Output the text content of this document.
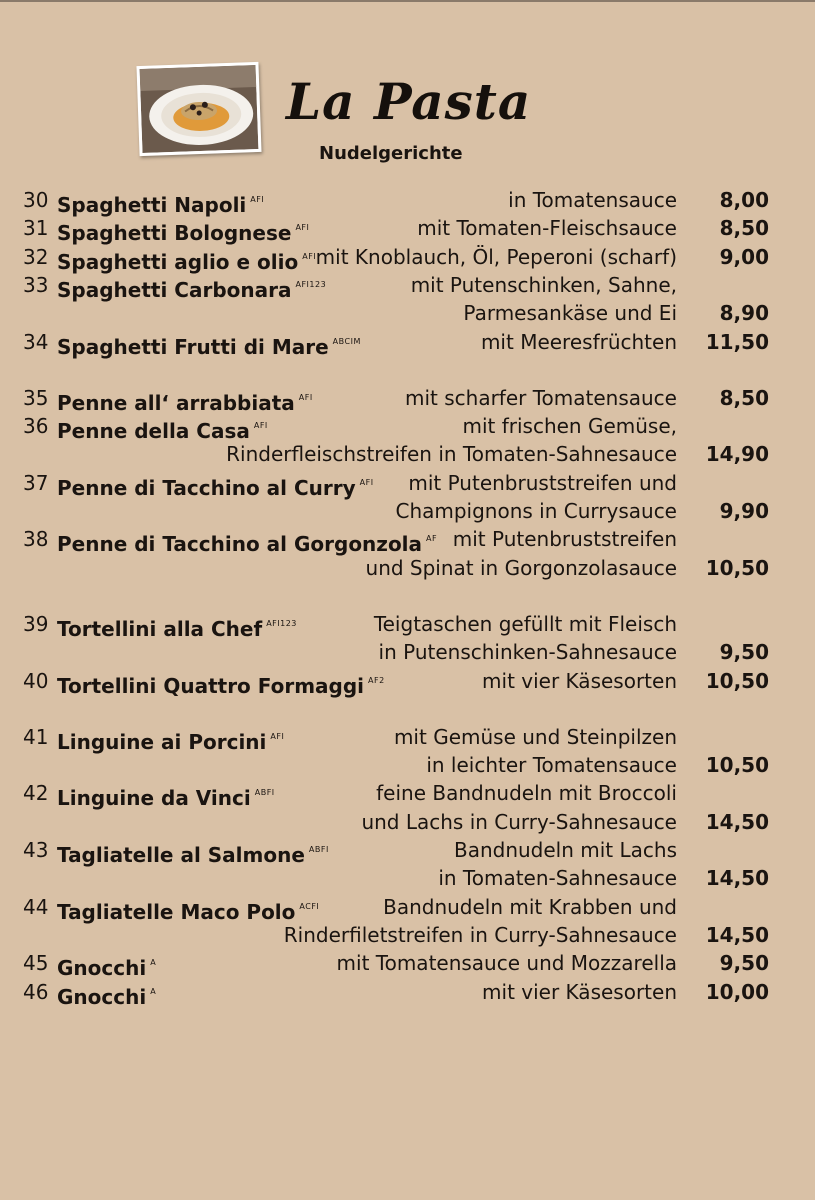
La Pasta
Nudelgerichte
30 Spaghetti Napoli $^{AFI}$	in Tomatensauce 8,00
31 Spaghetti Bolognese $^{AFI}$	mit Tomaten-Fleischsauce 8,50
32 Spaghetti aglio e olio $^{AFI}$ mit Knoblauch, Öl, Peperoni (scharf) 9,00
33 Spaghetti Carbonara $^{AFI123}$	mit Putenschinken, Sahne,
Parmesankäse und Ei 8,90
34 Spaghetti Frutti di Mare $^{ABCIM}$	mit Meeresfrüchten 11,50
35 Penne all‘ arrabbiata $^{AFI}$	mit scharfer Tomatensauce 8,50
36 Penne della Casa $^{AFI}$	mit frischen Gemüse,
Rinderfleischstreifen in Tomaten-Sahnesauce 14,90
37 Penne di Tacchino al Curry $^{AFI}$ mit Putenbruststreifen und
Champignons in Currysauce 9,90
38 Penne di Tacchino al Gorgonzola $^{AF}$ mit Putenbruststreifen
und Spinat in Gorgonzolasauce 10,50
39 Tortellini alla Chef $^{AFI123}$	Teigtaschen gefüllt mit Fleisch
in Putenschinken-Sahnesauce 9,50
40 Tortellini Quattro Formaggi $^{AF2}$	mit vier Käsesorten 10,50
41 Linguine ai Porcini $^{AFI}$	mit Gemüse und Steinpilzen
in leichter Tomatensauce 10,50
42 Linguine da Vinci $^{ABFI}$	feine Bandnudeln mit Broccoli
und Lachs in Curry-Sahnesauce 14,50
43 Tagliatelle al Salmone $^{ABFI}$	Bandnudeln mit Lachs
in Tomaten-Sahnesauce 14,50
44 Tagliatelle Maco Polo $^{ACFI}$	Bandnudeln mit Krabben und
Rinderfiletstreifen in Curry-Sahnesauce 14,50
45 Gnocchi $^A$	mit Tomatensauce und Mozzarella 9,50
46 Gnocchi $^A$	mit vier Käsesorten 10,00
